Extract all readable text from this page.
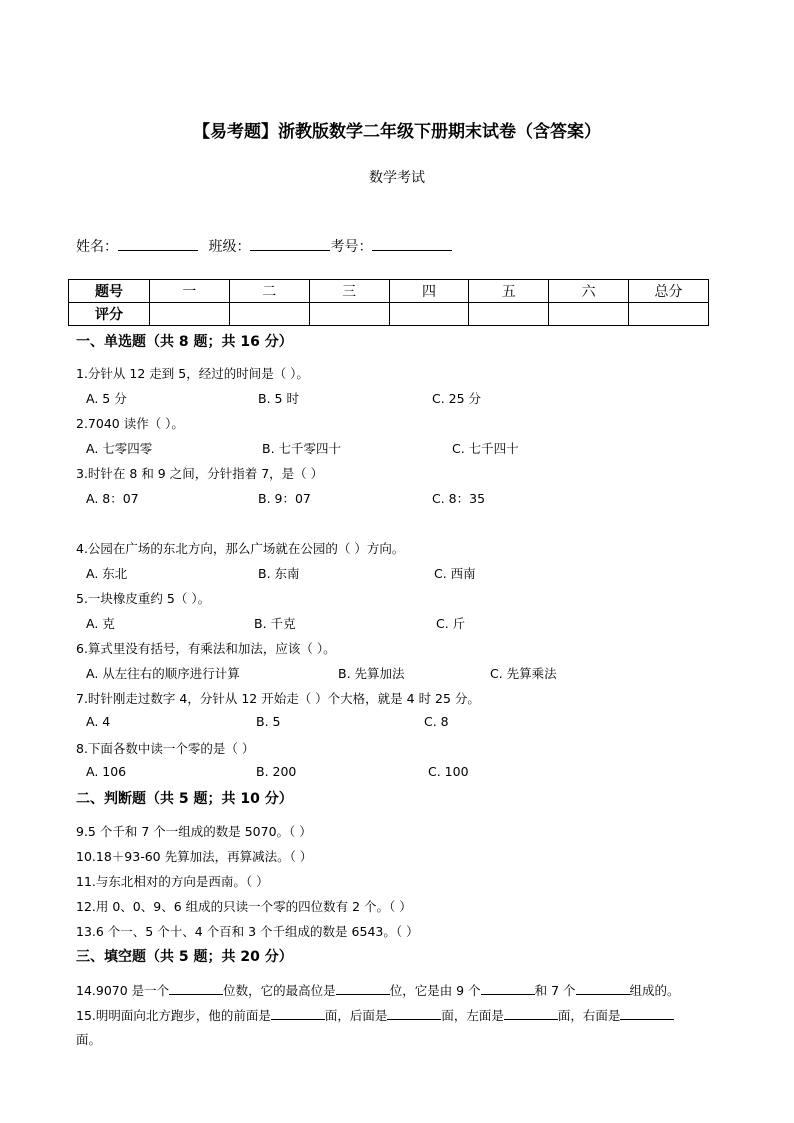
【易考题】浙教版数学二年级下册期末试卷（含答案）
数学考试
姓名：	班级：	考号：
题号	一	二	三	四	五	六	总分
评分							
一、单选题（共 8 题；共 16 分）
1.分针从 12 走到 5，经过的时间是（ ）。
A. 5 分	B. 5 时	C. 25 分
2.7040 读作（ ）。
A. 七零四零	B. 七千零四十	C. 七千四十
3.时针在 8 和 9 之间，分针指着 7，是（ ）
A. 8：07	B. 9：07	C. 8：35
4.公园在广场的东北方向，那么广场就在公园的（ ）方向。
A. 东北	B. 东南	C. 西南
5.一块橡皮重约 5（ ）。
A. 克	B. 千克	C. 斤
6.算式里没有括号，有乘法和加法，应该（ ）。
A. 从左往右的顺序进行计算	B. 先算加法	C. 先算乘法
7.时针刚走过数字 4，分针从 12 开始走（ ）个大格，就是 4 时 25 分。
A. 4	B. 5	C. 8
8.下面各数中读一个零的是（ ）
A. 106	B. 200	C. 100
二、判断题（共 5 题；共 10 分）
9.5 个千和 7 个一组成的数是 5070。（ ）
10.18＋93-60 先算加法，再算减法。（ ）
11.与东北相对的方向是西南。（ ）
12.用 0、0、9、6 组成的只读一个零的四位数有 2 个。（ ）
13.6 个一、5 个十、4 个百和 3 个千组成的数是 6543。（ ）
三、填空题（共 5 题；共 20 分）
14.9070 是一个	位数，它的最高位是	位，它是由 9 个	和 7 个	组成的。
15.明明面向北方跑步，他的前面是	面，后面是	面，左面是	面，右面是
面。
